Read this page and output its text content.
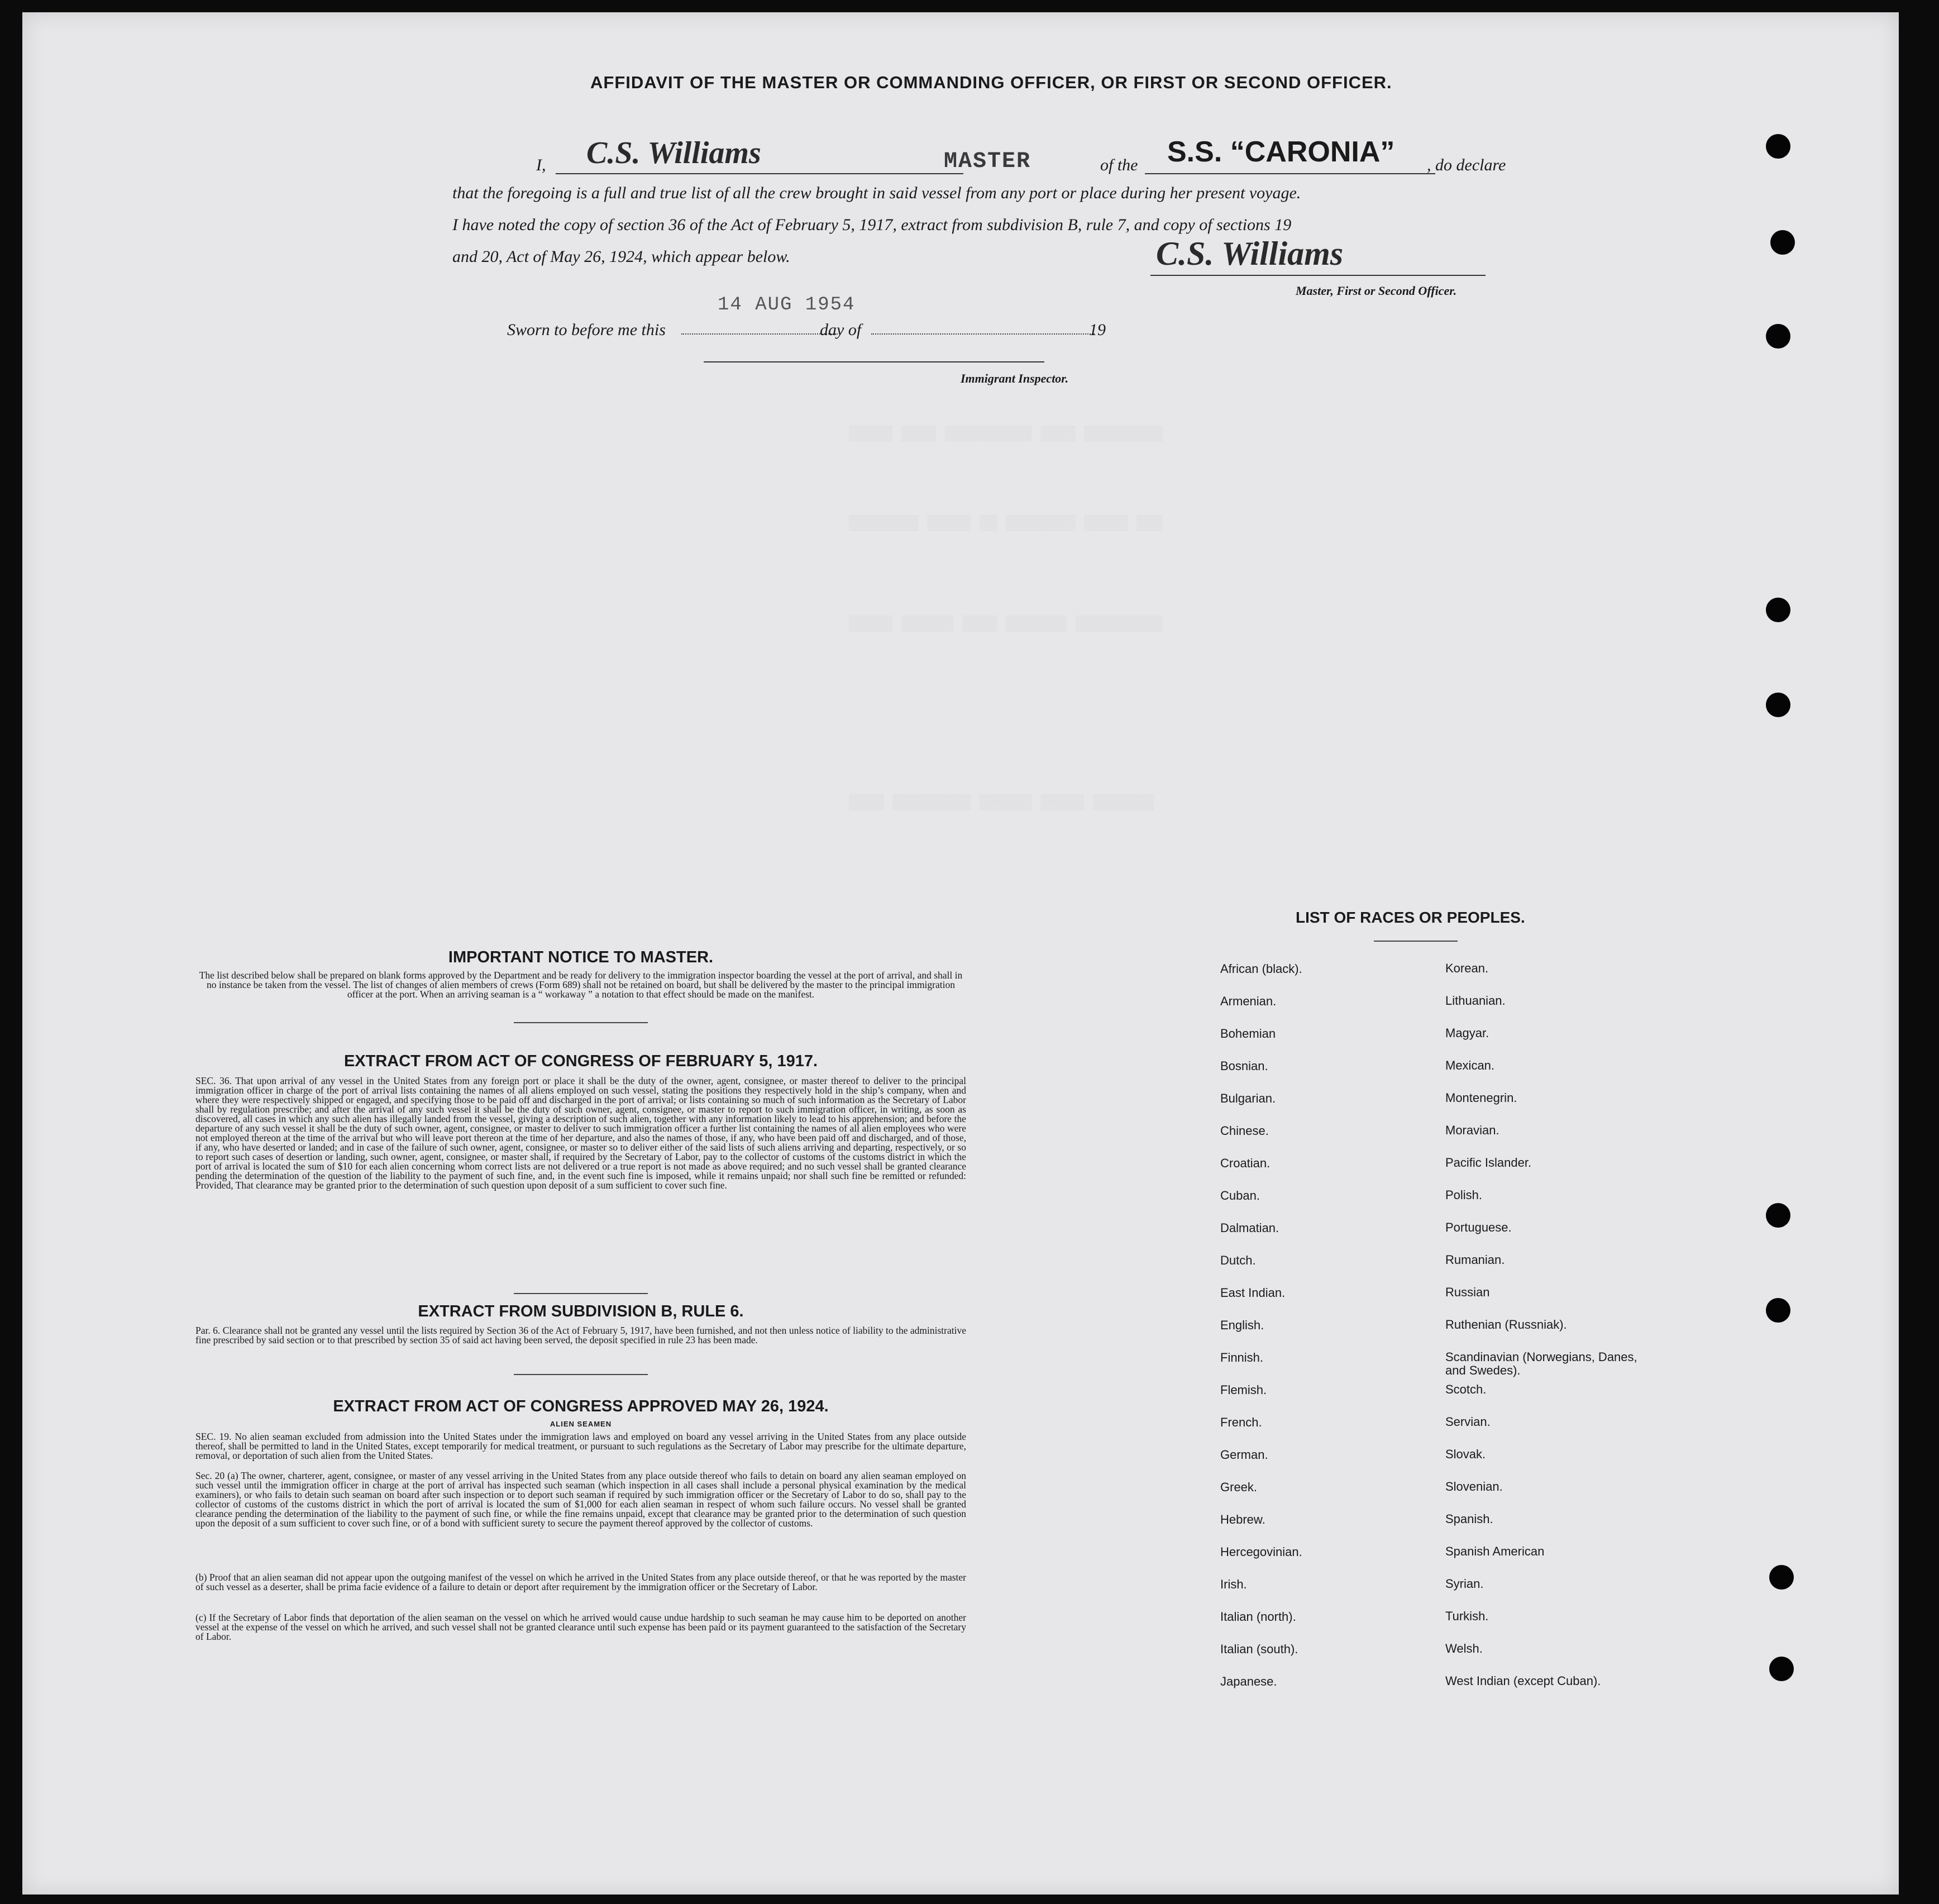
▒▒▒▒▒ ▒▒▒▒ ▒▒▒▒▒▒▒▒▒▒ ▒▒▒▒ ▒▒▒▒▒▒▒▒▒
▒▒▒▒▒▒▒▒ ▒▒▒▒▒ ▒▒ ▒▒▒▒▒▒▒▒ ▒▒▒▒▒ ▒▒▒
▒▒▒▒▒ ▒▒▒▒▒▒ ▒▒▒▒ ▒▒▒▒▒▒▒ ▒▒▒▒▒▒▒▒▒▒
▒▒▒▒ ▒▒▒▒▒▒▒▒▒ ▒▒▒▒▒▒ ▒▒▒▒▒ ▒▒▒▒▒▒▒
AFFIDAVIT OF THE MASTER OR COMMANDING OFFICER, OR FIRST OR SECOND OFFICER.
I, C.S. Williams	MASTER	of the S.S. “CARONIA” , do declare
that the foregoing is a full and true list of all the crew brought in said vessel from any port or place during her present voyage.
I have noted the copy of section 36 of the Act of February 5, 1917, extract from subdivision B, rule 7, and copy of sections 19
and 20, Act of May 26, 1924, which appear below.	C.S. Williams
Master, First or Second Officer.
Sworn to before me this
14 AUG 1954
day of	19
Immigrant Inspector.
IMPORTANT NOTICE TO MASTER.
The list described below shall be prepared on blank forms approved by the Department and be ready for delivery to the immigration inspector boarding the vessel at the port of arrival, and shall in no instance be taken from the vessel. The list of changes of alien members of crews (Form 689) shall not be retained on board, but shall be delivered by the master to the principal immigration officer at the port. When an arriving seaman is a “ workaway ” a notation to that effect should be made on the manifest.
EXTRACT FROM ACT OF CONGRESS OF FEBRUARY 5, 1917.
SEC. 36. That upon arrival of any vessel in the United States from any foreign port or place it shall be the duty of the owner, agent, consignee, or master thereof to deliver to the principal immigration officer in charge of the port of arrival lists containing the names of all aliens employed on such vessel, stating the positions they respectively hold in the ship’s company, when and where they were respectively shipped or engaged, and specifying those to be paid off and discharged in the port of arrival; or lists containing so much of such information as the Secretary of Labor shall by regulation prescribe; and after the arrival of any such vessel it shall be the duty of such owner, agent, consignee, or master to report to such immigration officer, in writing, as soon as discovered, all cases in which any such alien has illegally landed from the vessel, giving a description of such alien, together with any information likely to lead to his apprehension; and before the departure of any such vessel it shall be the duty of such owner, agent, consignee, or master to deliver to such immigration officer a further list containing the names of all alien employees who were not employed thereon at the time of the arrival but who will leave port thereon at the time of her departure, and also the names of those, if any, who have been paid off and discharged, and of those, if any, who have deserted or landed; and in case of the failure of such owner, agent, consignee, or master so to deliver either of the said lists of such aliens arriving and departing, respectively, or so to report such cases of desertion or landing, such owner, agent, consignee, or master shall, if required by the Secretary of Labor, pay to the collector of customs of the customs district in which the port of arrival is located the sum of $10 for each alien concerning whom correct lists are not delivered or a true report is not made as above required; and no such vessel shall be granted clearance pending the determination of the question of the liability to the payment of such fine, and, in the event such fine is imposed, while it remains unpaid; nor shall such fine be remitted or refunded: Provided, That clearance may be granted prior to the determination of such question upon deposit of a sum sufficient to cover such fine.
EXTRACT FROM SUBDIVISION B, RULE 6.
Par. 6. Clearance shall not be granted any vessel until the lists required by Section 36 of the Act of February 5, 1917, have been furnished, and not then unless notice of liability to the administrative fine prescribed by said section or to that prescribed by section 35 of said act having been served, the deposit specified in rule 23 has been made.
EXTRACT FROM ACT OF CONGRESS APPROVED MAY 26, 1924.
ALIEN SEAMEN
SEC. 19. No alien seaman excluded from admission into the United States under the immigration laws and employed on board any vessel arriving in the United States from any place outside thereof, shall be permitted to land in the United States, except temporarily for medical treatment, or pursuant to such regulations as the Secretary of Labor may prescribe for the ultimate departure, removal, or deportation of such alien from the United States.
Sec. 20 (a) The owner, charterer, agent, consignee, or master of any vessel arriving in the United States from any place outside thereof who fails to detain on board any alien seaman employed on such vessel until the immigration officer in charge at the port of arrival has inspected such seaman (which inspection in all cases shall include a personal physical examination by the medical examiners), or who fails to detain such seaman on board after such inspection or to deport such seaman if required by such immigration officer or the Secretary of Labor to do so, shall pay to the collector of customs of the customs district in which the port of arrival is located the sum of $1,000 for each alien seaman in respect of whom such failure occurs. No vessel shall be granted clearance pending the determination of the liability to the payment of such fine, or while the fine remains unpaid, except that clearance may be granted prior to the determination of such question upon the deposit of a sum sufficient to cover such fine, or of a bond with sufficient surety to secure the payment thereof approved by the collector of customs.
(b) Proof that an alien seaman did not appear upon the outgoing manifest of the vessel on which he arrived in the United States from any place outside thereof, or that he was reported by the master of such vessel as a deserter, shall be prima facie evidence of a failure to detain or deport after requirement by the immigration officer or the Secretary of Labor.
(c) If the Secretary of Labor finds that deportation of the alien seaman on the vessel on which he arrived would cause undue hardship to such seaman he may cause him to be deported on another vessel at the expense of the vessel on which he arrived, and such vessel shall not be granted clearance until such expense has been paid or its payment guaranteed to the satisfaction of the Secretary of Labor.
LIST OF RACES OR PEOPLES.
African (black).
Armenian.
Bohemian
Bosnian.
Bulgarian.
Chinese.
Croatian.
Cuban.
Dalmatian.
Dutch.
East Indian.
English.
Finnish.
Flemish.
French.
German.
Greek.
Hebrew.
Hercegovinian.
Irish.
Italian (north).
Italian (south).
Japanese.
Korean.
Lithuanian.
Magyar.
Mexican.
Montenegrin.
Moravian.
Pacific Islander.
Polish.
Portuguese.
Rumanian.
Russian
Ruthenian (Russniak).
Scandinavian (Norwegians, Danes, and Swedes).
Scotch.
Servian.
Slovak.
Slovenian.
Spanish.
Spanish American
Syrian.
Turkish.
Welsh.
West Indian (except Cuban).
